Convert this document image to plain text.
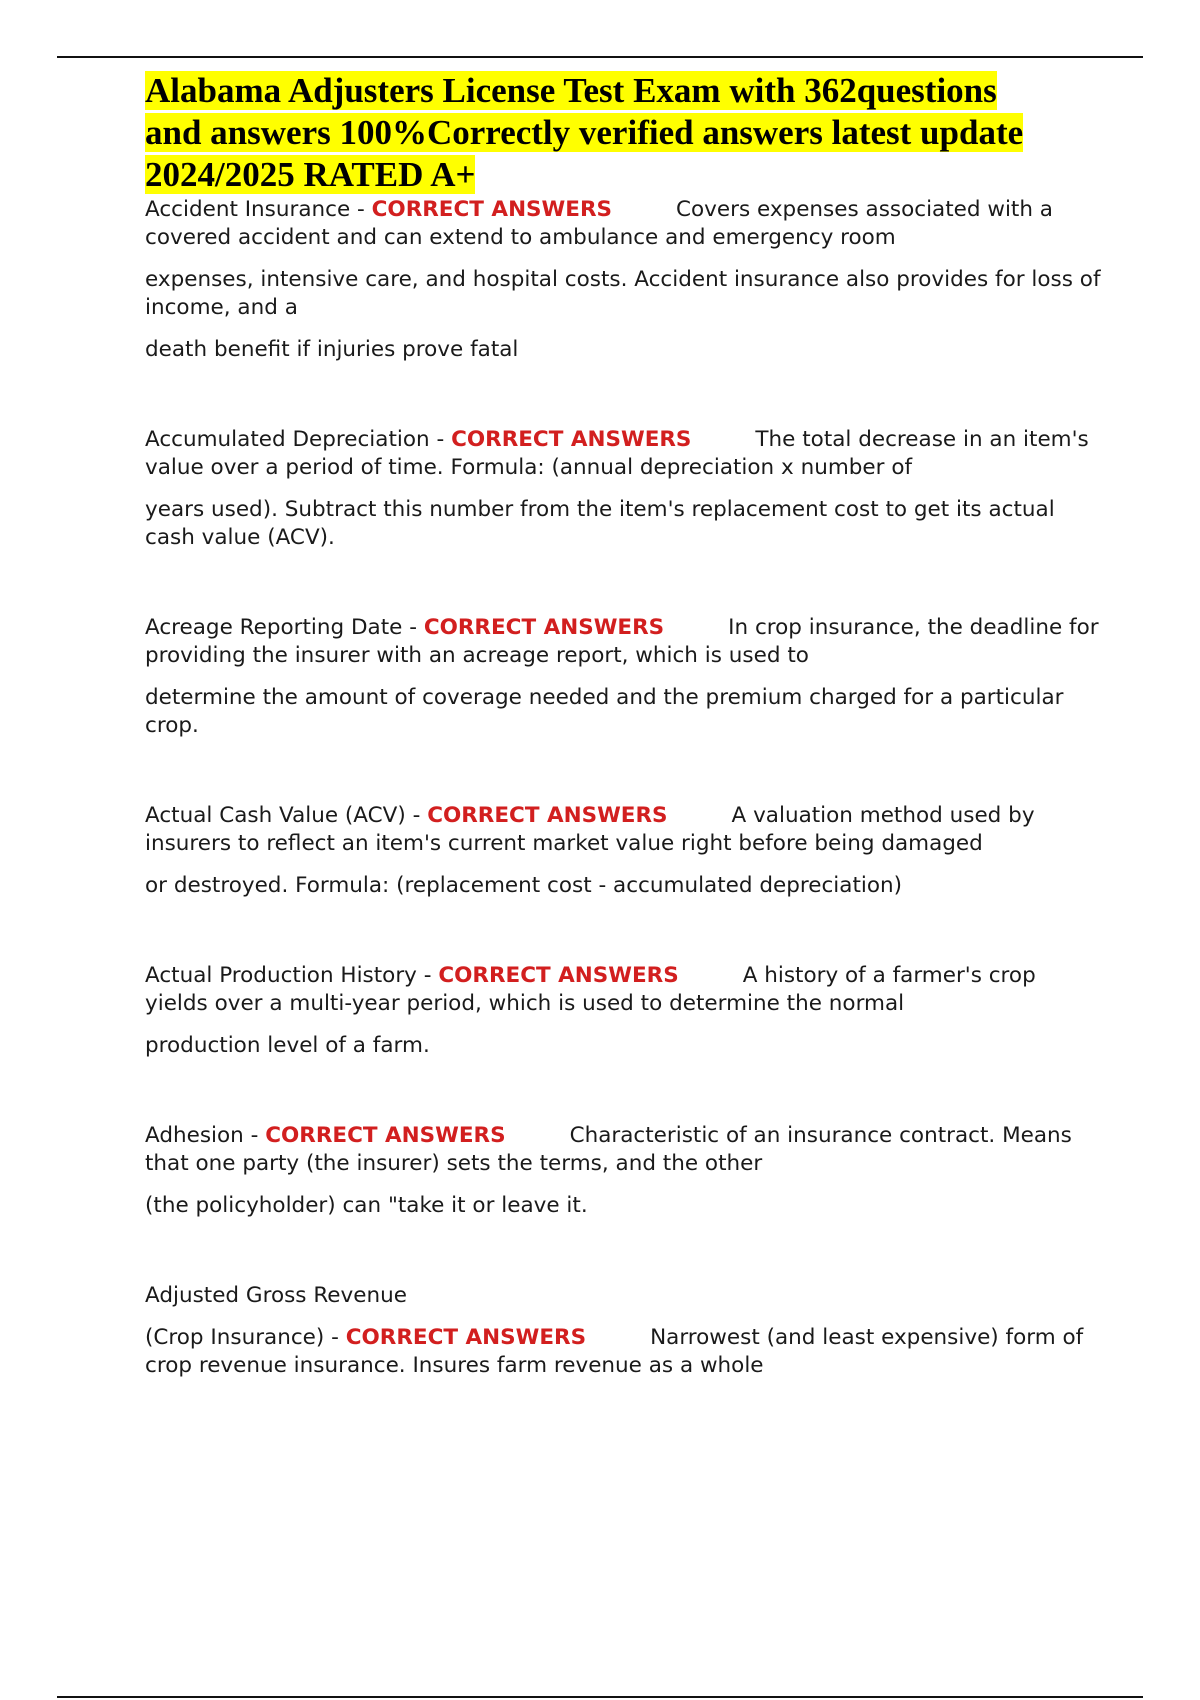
Alabama Adjusters License Test Exam with 362questions
and answers 100%Correctly verified answers latest update
2024/2025 RATED A+

Accident Insurance - CORRECT ANSWERS	Covers expenses associated with a covered accident and can extend to ambulance and emergency room

expenses, intensive care, and hospital costs. Accident insurance also provides for loss of income, and a

death benefit if injuries prove fatal

Accumulated Depreciation - CORRECT ANSWERS	The total decrease in an item's value over a period of time. Formula: (annual depreciation x number of

years used). Subtract this number from the item's replacement cost to get its actual cash value (ACV).

Acreage Reporting Date - CORRECT ANSWERS	In crop insurance, the deadline for providing the insurer with an acreage report, which is used to

determine the amount of coverage needed and the premium charged for a particular crop.

Actual Cash Value (ACV) - CORRECT ANSWERS	A valuation method used by insurers to reflect an item's current market value right before being damaged

or destroyed. Formula: (replacement cost - accumulated depreciation)

Actual Production History - CORRECT ANSWERS	A history of a farmer's crop yields over a multi-year period, which is used to determine the normal

production level of a farm.

Adhesion - CORRECT ANSWERS	Characteristic of an insurance contract. Means that one party (the insurer) sets the terms, and the other

(the policyholder) can "take it or leave it.

Adjusted Gross Revenue

(Crop Insurance) - CORRECT ANSWERS	Narrowest (and least expensive) form of crop revenue insurance. Insures farm revenue as a whole
